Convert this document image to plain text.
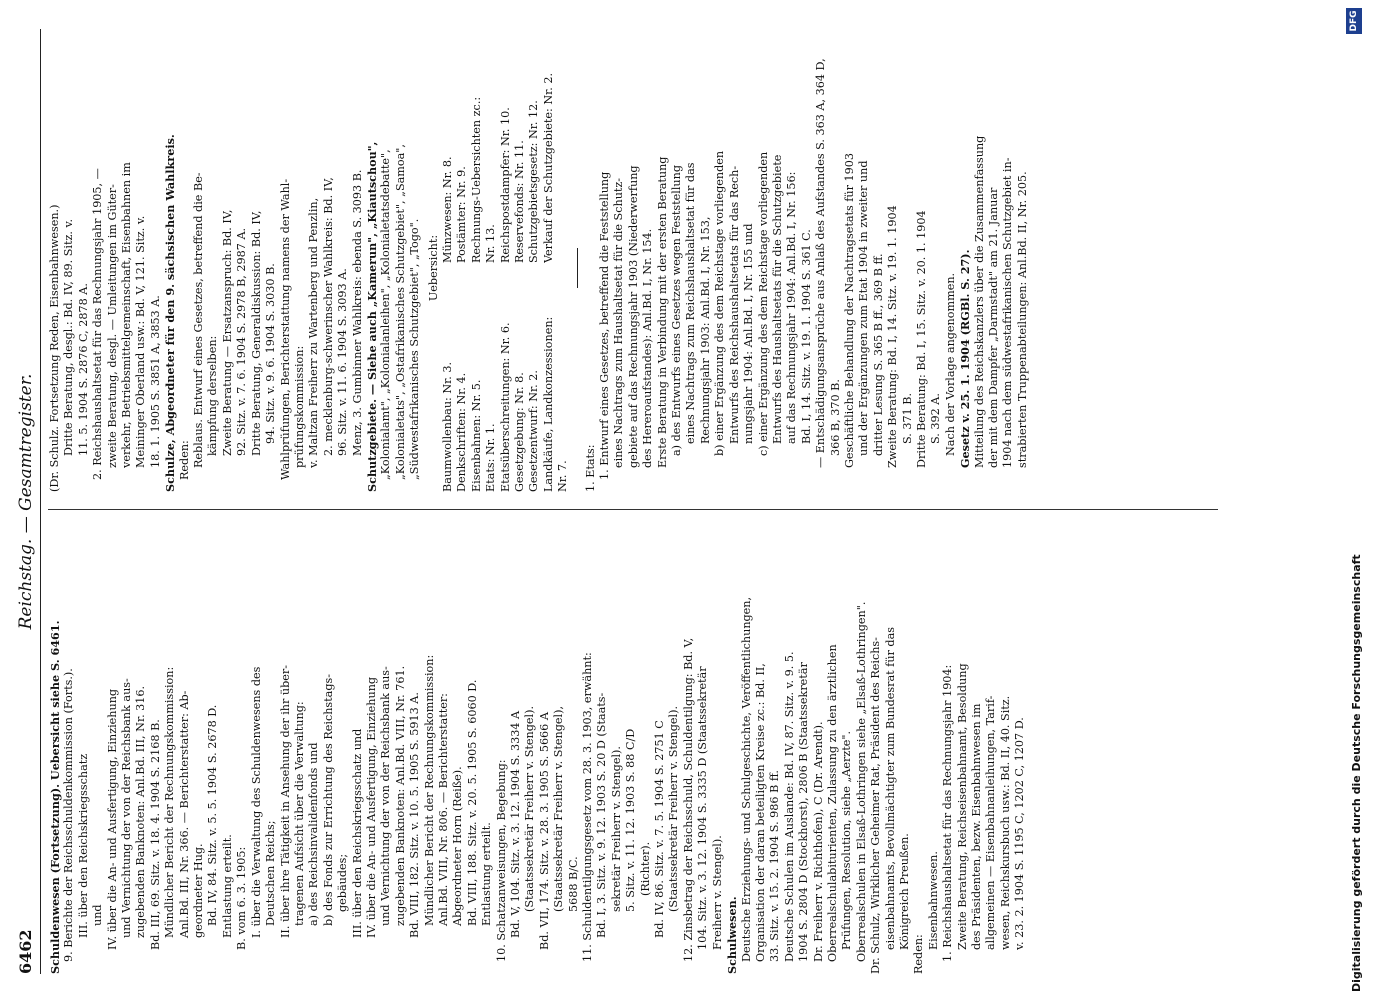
6462
Reichstag. — Gesamtregister.
Schuldenwesen (Fortsetzung). Uebersicht siehe S. 6461. 9. Berichte der Reichsschuldenkommission (Forts.). III. über den Reichskriegsschatz und IV. über die An- und Ausfertigung, Einziehung und Vernichtung der von der Reichsbank aus- zugebenden Banknoten: Anl.Bd. III, Nr. 316. Bd. III, 69. Sitz. v. 18. 4. 1904 S. 2168 B. Mündlicher Bericht der Rechnungskommission: Anl.Bd. III, Nr. 366. — Berichterstatter: Ab- geordneter Hug. Bd. IV, 84. Sitz. v. 5. 5. 1904 S. 2678 D. Entlastung erteilt. B. vom 6. 3. 1905: I. über die Verwaltung des Schuldenwesens des Deutschen Reichs; II. über ihre Tätigkeit in Ansehung der ihr über- tragenen Aufsicht über die Verwaltung: a) des Reichsinvalidenfonds und b) des Fonds zur Errichtung des Reichstags- gebäudes; III. über den Reichskriegsschatz und IV. über die An- und Ausfertigung, Einziehung und Vernichtung der von der Reichsbank aus- zugebenden Banknoten: Anl.Bd. VIII, Nr. 761. Bd. VIII, 182. Sitz. v. 10. 5. 1905 S. 5913 A. Mündlicher Bericht der Rechnungskommission: Anl.Bd. VIII, Nr. 806. — Berichterstatter: Abgeordneter Horn (Reiße). Bd. VIII, 188. Sitz. v. 20. 5. 1905 S. 6060 D. Entlastung erteilt. 10. Schatzanweisungen, Begebung: Bd. V, 104. Sitz. v. 3. 12. 1904 S. 3334 A (Staatssekretär Freiherr v. Stengel). Bd. VII, 174. Sitz. v. 28. 3. 1905 S. 5666 A (Staatssekretär Freiherr v. Stengel), 5688 B/C. 11. Schuldentilgungsgesetz vom 28. 3. 1903, erwähnt: Bd. I, 3. Sitz. v. 9. 12. 1903 S. 20 D (Staats- sekretär Freiherr v. Stengel). 5. Sitz. v. 11. 12. 1903 S. 88 C/D (Richter). Bd. IV, 86. Sitz. v. 7. 5. 1904 S. 2751 C (Staatssekretär Freiherr v. Stengel). 12. Zinsbetrag der Reichsschuld, Schuldentilgung: Bd. V, 104. Sitz. v. 3. 12. 1904 S. 3335 D (Staatssekretär Freiherr v. Stengel). Schulwesen. Deutsche Erziehungs- und Schulgeschichte, Veröffentlichungen, Organisation der daran beteiligten Kreise zc.: Bd. II, 33. Sitz. v. 15. 2. 1904 S. 986 B ff. Deutsche Schulen im Auslande: Bd. IV, 87. Sitz. v. 9. 5. 1904 S. 2804 D (Stockhorst), 2806 B (Staatssekretär Dr. Freiherr v. Richthofen), C (Dr. Arendt). Oberrealschulabiturienten, Zulassung zu den ärztlichen Prüfungen, Resolution, siehe „Aerzte". Oberrealschulen in Elsaß-Lothringen siehe „Elsaß-Lothringen". Dr. Schulz, Wirklicher Geheimer Rat, Präsident des Reichs- eisenbahnamts, Bevollmächtigter zum Bundesrat für das Königreich Preußen.
Reden:
Eisenbahnwesen. 1. Reichshaushaltsetat für das Rechnungsjahr 1904: Zweite Beratung, Reichseisenbahnamt, Besoldung des Präsidenten, bezw. Eisenbahnwesen im allgemeinen — Eisenbahnanleihungen, Tarif- wesen, Reichskursbuch usw.: Bd. II, 40. Sitz. v. 23. 2. 1904 S. 1195 C, 1202 C, 1207 D.
(Dr. Schulz. Fortsetzung Reden, Eisenbahnwesen.) Dritte Beratung, desgl.: Bd. IV, 89. Sitz. v. 11. 5. 1904 S. 2876 C, 2878 A. 2. Reichshaushaltsetat für das Rechnungsjahr 1905, — zweite Beratung, desgl. — Umleitungen im Güter- verkehr, Betriebsmittelgemeinschaft, Eisenbahnen im Meininger Oberland usw.: Bd. V, 121. Sitz. v. 18. 1. 1905 S. 3851 A, 3853 A. Schulze, Abgeordneter für den 9. sächsischen Wahlkreis. Reden: Reblaus. Entwurf eines Gesetzes, betreffend die Be- kämpfung derselben: Zweite Beratung — Ersatzanspruch: Bd. IV, 92. Sitz. v. 7. 6. 1904 S. 2978 B, 2987 A. Dritte Beratung, Generaldiskussion: Bd. IV, 94. Sitz. v. 9. 6. 1904 S. 3030 B. Wahlprüfungen, Berichterstattung namens der Wahl- prüfungskommission: v. Maltzan Freiherr zu Wartenberg und Penzlin, 2. mecklenburg-schwerinscher Wahlkreis: Bd. IV, 96. Sitz. v. 11. 6. 1904 S. 3093 A. Menz, 3. Gumbinner Wahlkreis: ebenda S. 3093 B. Schutzgebiete. — Siehe auch „Kamerun", „Kiautschou", „Kolonialamt", „Kolonialanleihen", „Kolonialetatsdebatte", „Kolonialetats", „Ostafrikanisches Schutzgebiet", „Samoa", „Südwestafrikanisches Schutzgebiet", „Togo". Uebersicht:
Baumwollenbau: Nr. 3.
Münzwesen: Nr. 8.
Denkschriften: Nr. 4.
Postämter: Nr. 9.
Eisenbahnen: Nr. 5.
Rechnungs-Uebersichten zc.:
Etats: Nr. 1.
Nr. 13.
Etatsüberschreitungen: Nr. 6.
Reichspostdampfer: Nr. 10.
Gesetzgebung: Nr. 8.
Reservefonds: Nr. 11.
Gesetzentwurf: Nr. 2.
Schutzgebietsgesetz: Nr. 12.
Landkäufe, Landkonzessionen:
Verkauf der Schutzgebiete: Nr. 2.
Nr. 7. 1. Etats: 1. Entwurf eines Gesetzes, betreffend die Feststellung eines Nachtrags zum Haushaltsetat für die Schutz- gebiete auf das Rechnungsjahr 1903 (Niederwerfung des Hereroaufstandes): Anl.Bd. I, Nr. 154. Erste Beratung in Verbindung mit der ersten Beratung a) des Entwurfs eines Gesetzes wegen Feststellung eines Nachtrags zum Reichshaushaltsetat für das Rechnungsjahr 1903: Anl.Bd. I, Nr. 153, b) einer Ergänzung des dem Reichstage vorliegenden Entwurfs des Reichshaushaltsetats für das Rech- nungsjahr 1904: Anl.Bd. I, Nr. 155 und c) einer Ergänzung des dem Reichstage vorliegenden Entwurfs des Haushaltsetats für die Schutzgebiete auf das Rechnungsjahr 1904: Anl.Bd. I, Nr. 156: Bd. I, 14. Sitz. v. 19. 1. 1904 S. 361 C. — Entschädigungsansprüche aus Anlaß des Aufstandes S. 363 A, 364 D, 366 B, 370 B. Geschäftliche Behandlung der Nachtragsetats für 1903 und der Ergänzungen zum Etat 1904 in zweiter und dritter Lesung S. 365 B ff., 369 B ff. Zweite Beratung: Bd. I, 14. Sitz. v. 19. 1. 1904 S. 371 B. Dritte Beratung: Bd. I, 15. Sitz. v. 20. 1. 1904 S. 392 A. Nach der Vorlage angenommen. Gesetz v. 25. 1. 1904 (RGBl. S. 27). Mitteilung des Reichskanzlers über die Zusammenfassung der mit dem Dampfer „Darmstadt" am 21. Januar 1904 nach dem südwestafrikanischen Schutzgebiet in- strabierten Truppenabteilungen: Anl.Bd. II, Nr. 205.
Digitalisierung gefördert durch die Deutsche Forschungsgemeinschaft
DFG
